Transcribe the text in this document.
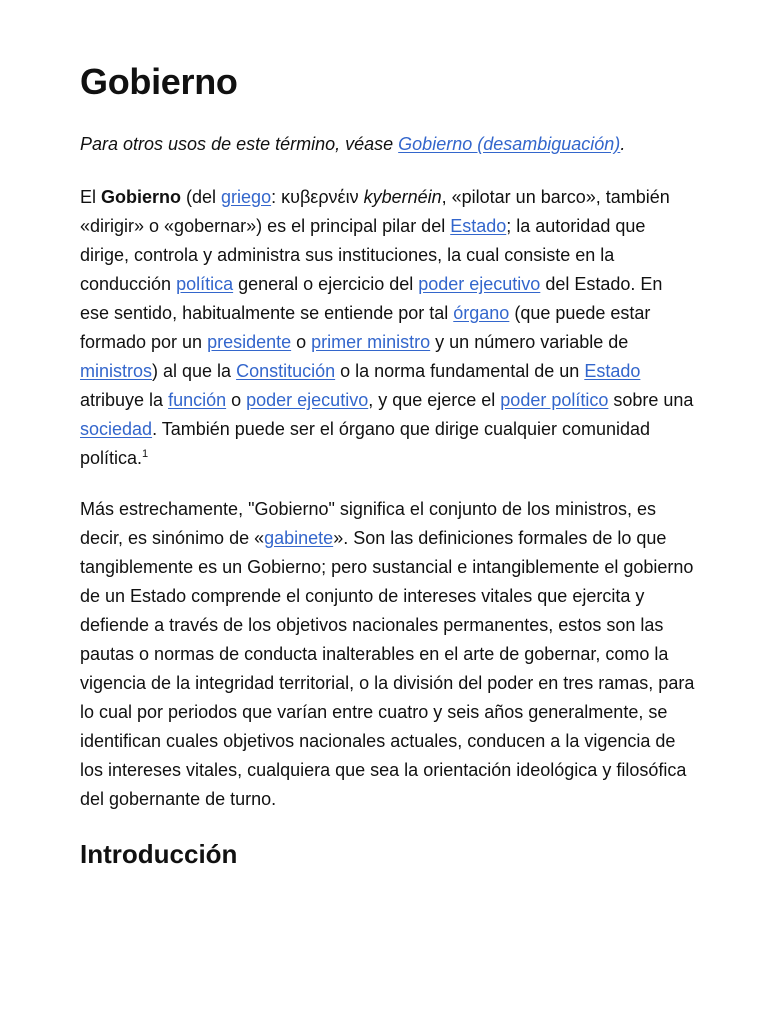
Gobierno
Para otros usos de este término, véase Gobierno (desambiguación).

El Gobierno (del griego: κυβερνέιν kybernéin, «pilotar un barco», también «dirigir» o «gobernar») es el principal pilar del Estado; la autoridad que dirige, controla y administra sus instituciones, la cual consiste en la conducción política general o ejercicio del poder ejecutivo del Estado. En ese sentido, habitualmente se entiende por tal órgano (que puede estar formado por un presidente o primer ministro y un número variable de ministros) al que la Constitución o la norma fundamental de un Estado atribuye la función o poder ejecutivo, y que ejerce el poder político sobre una sociedad. También puede ser el órgano que dirige cualquier comunidad política.$^1$

Más estrechamente, "Gobierno" significa el conjunto de los ministros, es decir, es sinónimo de «gabinete». Son las definiciones formales de lo que tangiblemente es un Gobierno; pero sustancial e intangiblemente el gobierno de un Estado comprende el conjunto de intereses vitales que ejercita y defiende a través de los objetivos nacionales permanentes, estos son las pautas o normas de conducta inalterables en el arte de gobernar, como la vigencia de la integridad territorial, o la división del poder en tres ramas, para lo cual por periodos que varían entre cuatro y seis años generalmente, se identifican cuales objetivos nacionales actuales, conducen a la vigencia de los intereses vitales, cualquiera que sea la orientación ideológica y filosófica del gobernante de turno.

Introducción
